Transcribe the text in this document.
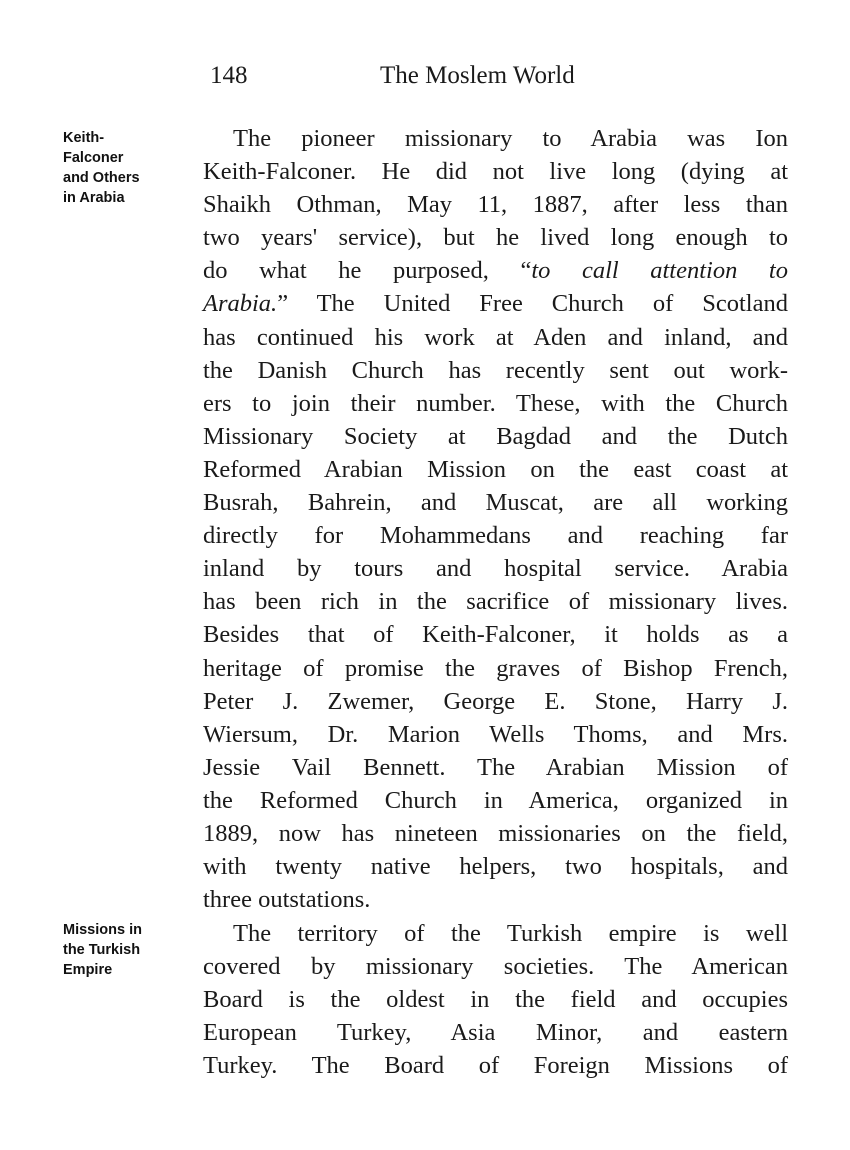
148	The Moslem World
Keith-
Falconer
and Others
in Arabia
The pioneer missionary to Arabia was Ion
Keith-Falconer. He did not live long (dying at
Shaikh Othman, May 11, 1887, after less than
two years' service), but he lived long enough to
do what he purposed, “to call attention to
Arabia.” The United Free Church of Scotland
has continued his work at Aden and inland, and
the Danish Church has recently sent out work-
ers to join their number. These, with the Church
Missionary Society at Bagdad and the Dutch
Reformed Arabian Mission on the east coast at
Busrah, Bahrein, and Muscat, are all working
directly for Mohammedans and reaching far
inland by tours and hospital service. Arabia
has been rich in the sacrifice of missionary lives.
Besides that of Keith-Falconer, it holds as a
heritage of promise the graves of Bishop French,
Peter J. Zwemer, George E. Stone, Harry J.
Wiersum, Dr. Marion Wells Thoms, and Mrs.
Jessie Vail Bennett. The Arabian Mission of
the Reformed Church in America, organized in
1889, now has nineteen missionaries on the field,
with twenty native helpers, two hospitals, and
three outstations.
Missions in
the Turkish
Empire
The territory of the Turkish empire is well
covered by missionary societies. The American
Board is the oldest in the field and occupies
European Turkey, Asia Minor, and eastern
Turkey. The Board of Foreign Missions of
